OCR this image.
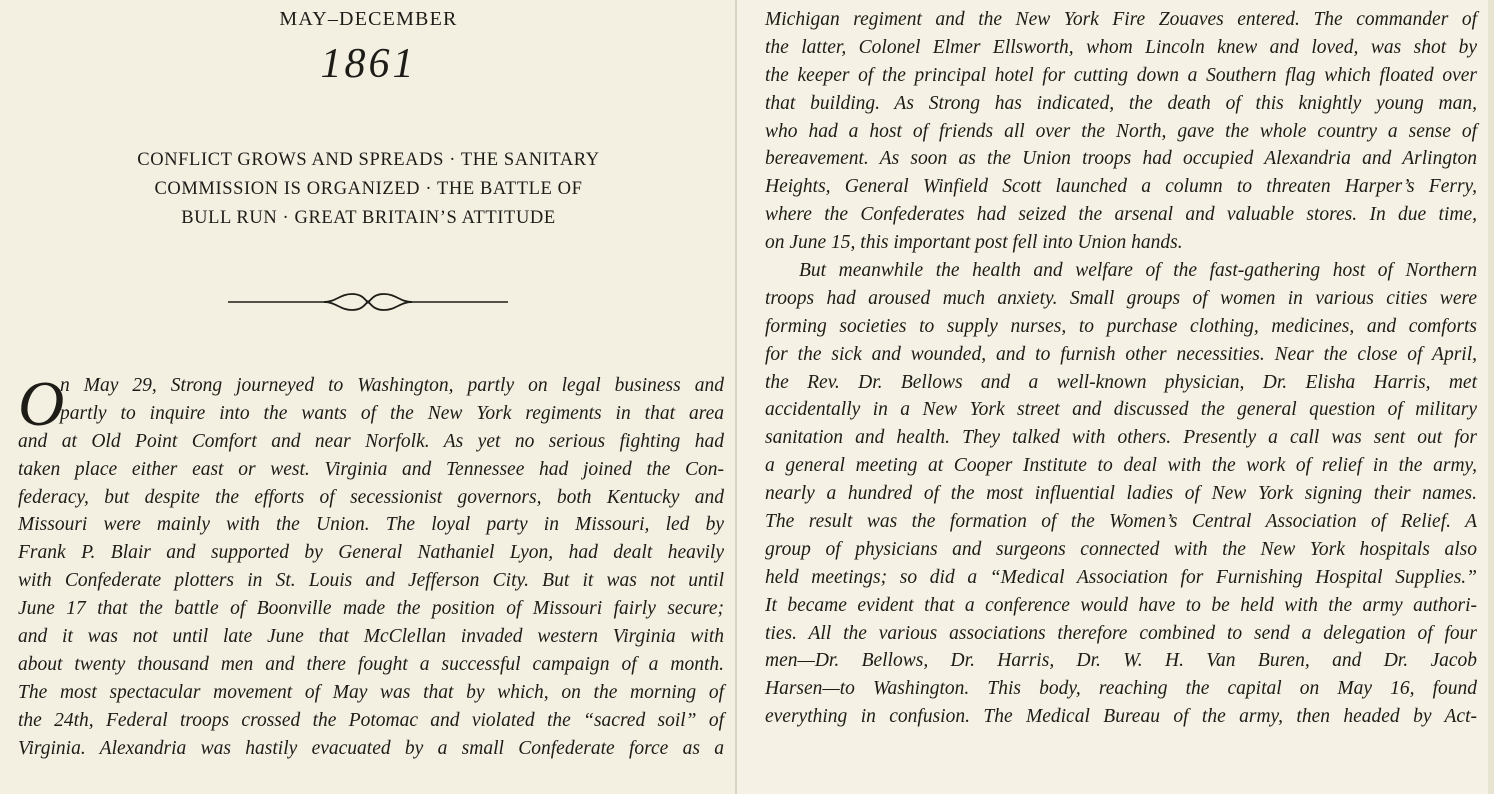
MAY–DECEMBER
1861
CONFLICT GROWS AND SPREADS · THE SANITARY
COMMISSION IS ORGANIZED · THE BATTLE OF
BULL RUN · GREAT BRITAIN’S ATTITUDE
O
n May 29, Strong journeyed to Washington, partly on legal business and
partly to inquire into the wants of the New York regiments in that area
and at Old Point Comfort and near Norfolk. As yet no serious fighting had
taken place either east or west. Virginia and Tennessee had joined the Con-
federacy, but despite the efforts of secessionist governors, both Kentucky and
Missouri were mainly with the Union. The loyal party in Missouri, led by
Frank P. Blair and supported by General Nathaniel Lyon, had dealt heavily
with Confederate plotters in St. Louis and Jefferson City. But it was not until
June 17 that the battle of Boonville made the position of Missouri fairly secure;
and it was not until late June that McClellan invaded western Virginia with
about twenty thousand men and there fought a successful campaign of a month.
The most spectacular movement of May was that by which, on the morning of
the 24th, Federal troops crossed the Potomac and violated the “sacred soil” of
Virginia. Alexandria was hastily evacuated by a small Confederate force as a
Michigan regiment and the New York Fire Zouaves entered. The commander of
the latter, Colonel Elmer Ellsworth, whom Lincoln knew and loved, was shot by
the keeper of the principal hotel for cutting down a Southern flag which floated over
that building. As Strong has indicated, the death of this knightly young man,
who had a host of friends all over the North, gave the whole country a sense of
bereavement. As soon as the Union troops had occupied Alexandria and Arlington
Heights, General Winfield Scott launched a column to threaten Harper’s Ferry,
where the Confederates had seized the arsenal and valuable stores. In due time,
on June 15, this important post fell into Union hands.
But meanwhile the health and welfare of the fast-gathering host of Northern
troops had aroused much anxiety. Small groups of women in various cities were
forming societies to supply nurses, to purchase clothing, medicines, and comforts
for the sick and wounded, and to furnish other necessities. Near the close of April,
the Rev. Dr. Bellows and a well-known physician, Dr. Elisha Harris, met
accidentally in a New York street and discussed the general question of military
sanitation and health. They talked with others. Presently a call was sent out for
a general meeting at Cooper Institute to deal with the work of relief in the army,
nearly a hundred of the most influential ladies of New York signing their names.
The result was the formation of the Women’s Central Association of Relief. A
group of physicians and surgeons connected with the New York hospitals also
held meetings; so did a “Medical Association for Furnishing Hospital Supplies.”
It became evident that a conference would have to be held with the army authori-
ties. All the various associations therefore combined to send a delegation of four
men—Dr. Bellows, Dr. Harris, Dr. W. H. Van Buren, and Dr. Jacob
Harsen—to Washington. This body, reaching the capital on May 16, found
everything in confusion. The Medical Bureau of the army, then headed by Act-
